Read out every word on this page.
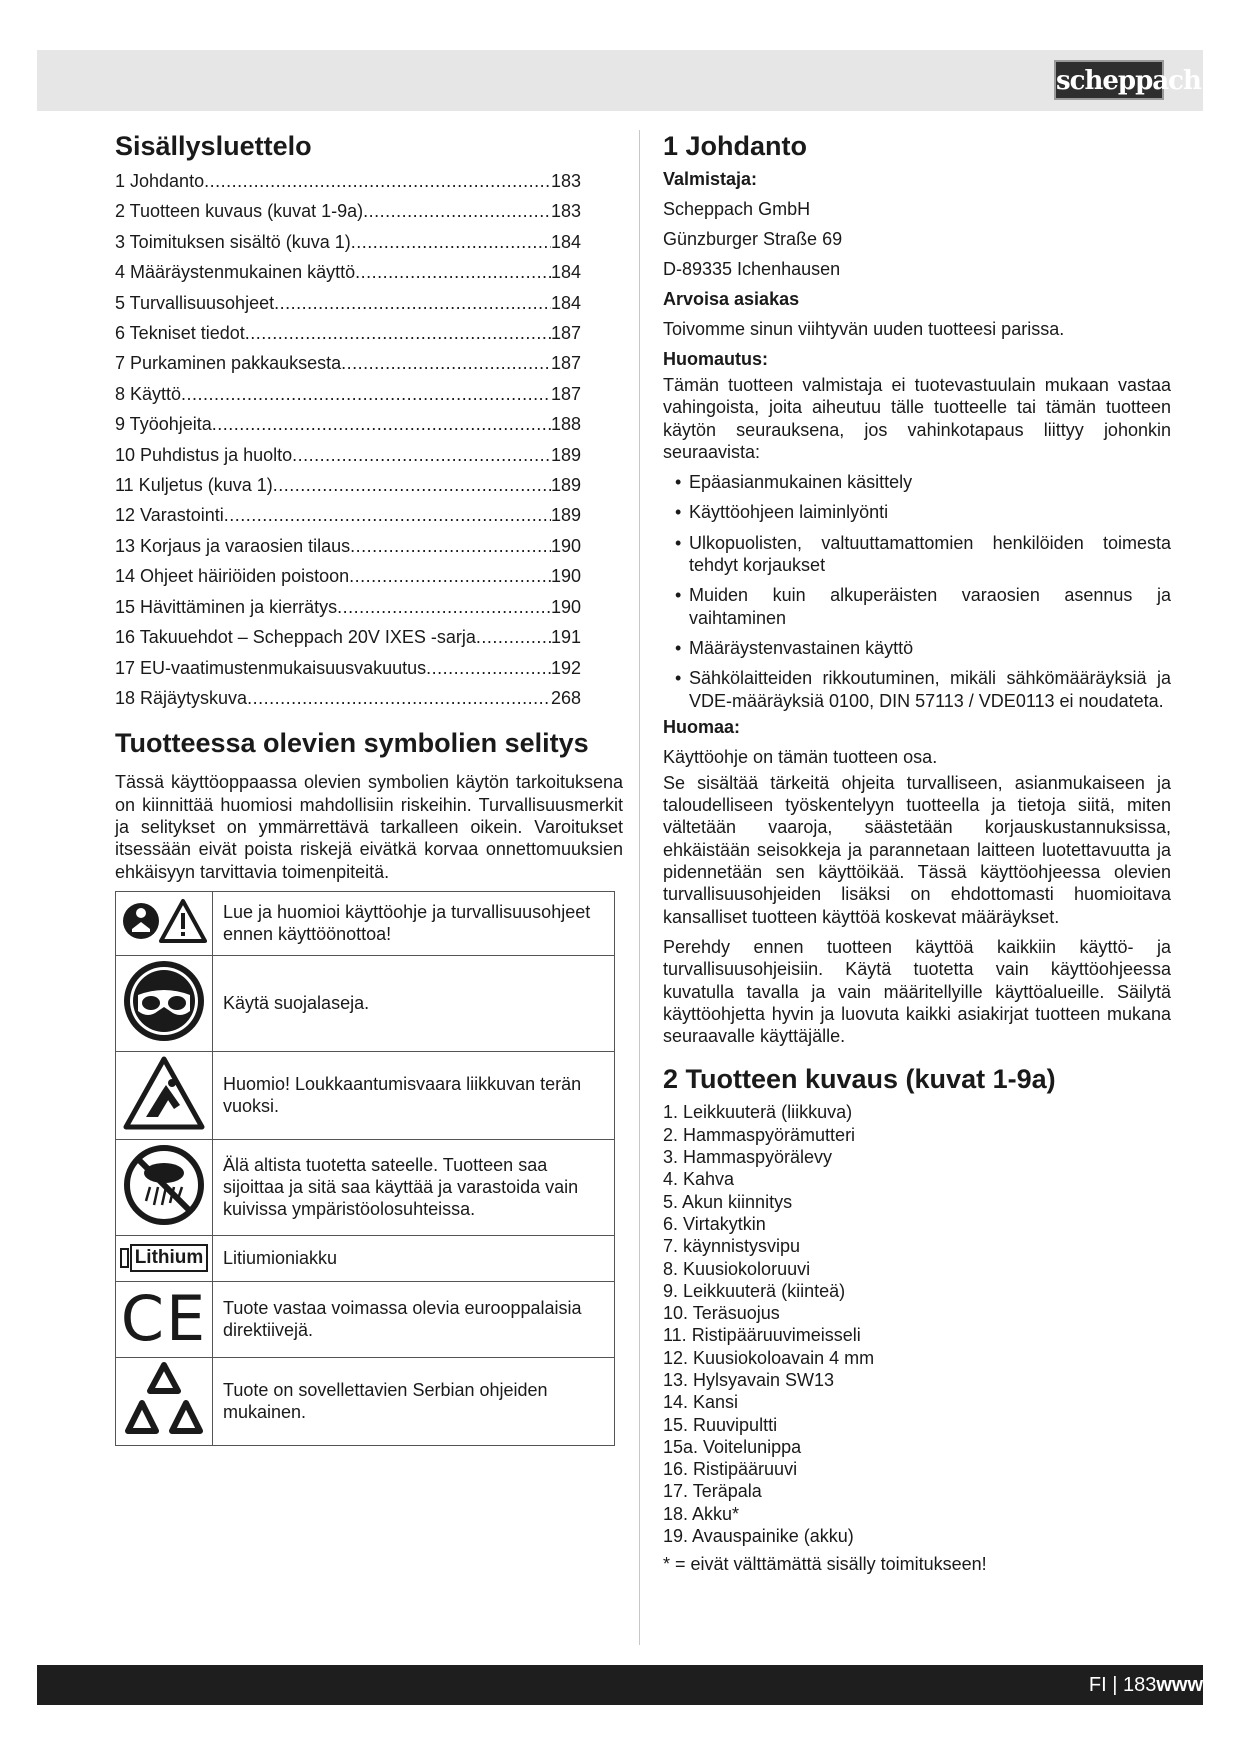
scheppach
Sisällysluettelo
1 Johdanto .....	183
2 Tuotteen kuvaus (kuvat 1-9a) .....	183
3 Toimituksen sisältö (kuva 1) .....	184
4 Määräystenmukainen käyttö .....	184
5 Turvallisuusohjeet .....	184
6 Tekniset tiedot .....	187
7 Purkaminen pakkauksesta .....	187
8 Käyttö .....	187
9 Työohjeita .....	188
10 Puhdistus ja huolto .....	189
11 Kuljetus (kuva 1) .....	189
12 Varastointi .....	189
13 Korjaus ja varaosien tilaus .....	190
14 Ohjeet häiriöiden poistoon .....	190
15 Hävittäminen ja kierrätys .....	190
16 Takuuehdot – Scheppach 20V IXES -sarja .....	191
17 EU-vaatimustenmukaisuusvakuutus .....	192
18 Räjäytyskuva .....	268
Tuotteessa olevien symbolien selitys

Tässä käyttöoppaassa olevien symbolien käytön tarkoituksena on kiinnittää huomiosi mahdollisiin riskeihin. Turvallisuusmerkit ja selitykset on ymmärrettävä tarkalleen oikein. Varoitukset itsessään eivät poista riskejä eivätkä korvaa onnettomuuksien ehkäisyyn tarvittavia toimenpiteitä.

	Lue ja huomioi käyttöohje ja turvallisuusohjeet ennen käyttöönottoa!
	Käytä suojalaseja.
	Huomio! Loukkaantumisvaara liikkuvan terän vuoksi.
	Älä altista tuotetta sateelle. Tuotteen saa sijoittaa ja sitä saa käyttää ja varastoida vain kuivissa ympäristöolosuhteissa.

Lithium	Litiumioniakku
CE	Tuote vastaa voimassa olevia eurooppalaisia direktiivejä.
	Tuote on sovellettavien Serbian ohjeiden mukainen.
1 Johdanto
Valmistaja:
Scheppach GmbH
Günzburger Straße 69
D-89335 Ichenhausen
Arvoisa asiakas
Toivomme sinun viihtyvän uuden tuotteesi parissa.
Huomautus:

Tämän tuotteen valmistaja ei tuotevastuulain mukaan vastaa vahingoista, joita aiheutuu tälle tuotteelle tai tämän tuotteen käytön seurauksena, jos vahinkotapaus liittyy johonkin seuraavista:

• Epäasianmukainen käsittely
• Käyttöohjeen laiminlyönti
• Ulkopuolisten, valtuuttamattomien henkilöiden toimesta tehdyt korjaukset
• Muiden kuin alkuperäisten varaosien asennus ja vaihtaminen
• Määräystenvastainen käyttö
• Sähkölaitteiden rikkoutuminen, mikäli sähkömääräyksiä ja VDE-määräyksiä 0100, DIN 57113 / VDE0113 ei noudateta.
Huomaa:
Käyttöohje on tämän tuotteen osa.

Se sisältää tärkeitä ohjeita turvalliseen, asianmukaiseen ja taloudelliseen työskentelyyn tuotteella ja tietoja siitä, miten vältetään vaaroja, säästetään korjauskustannuksissa, ehkäistään seisokkeja ja parannetaan laitteen luotettavuutta ja pidennetään sen käyttöikää. Tässä käyttöohjeessa olevien turvallisuusohjeiden lisäksi on ehdottomasti huomioitava kansalliset tuotteen käyttöä koskevat määräykset.

Perehdy ennen tuotteen käyttöä kaikkiin käyttö- ja turvallisuusohjeisiin. Käytä tuotetta vain käyttöohjeessa kuvatulla tavalla ja vain määritellyille käyttöalueille. Säilytä käyttöohjetta hyvin ja luovuta kaikki asiakirjat tuotteen mukana seuraavalle käyttäjälle.

2 Tuotteen kuvaus (kuvat 1-9a)
1. Leikkuuterä (liikkuva)
2. Hammaspyörämutteri
3. Hammaspyörälevy
4. Kahva
5. Akun kiinnitys
6. Virtakytkin
7. käynnistysvipu
8. Kuusiokoloruuvi
9. Leikkuuterä (kiinteä)
10. Teräsuojus
11. Ristipääruuvimeisseli
12. Kuusiokoloavain 4 mm
13. Hylsyavain SW13
14. Kansi
15. Ruuvipultti
15a. Voitelunippa
16. Ristipääruuvi
17. Teräpala
18. Akku*
19. Avauspainike (akku)
* = eivät välttämättä sisälly toimitukseen!
FI | 183www
